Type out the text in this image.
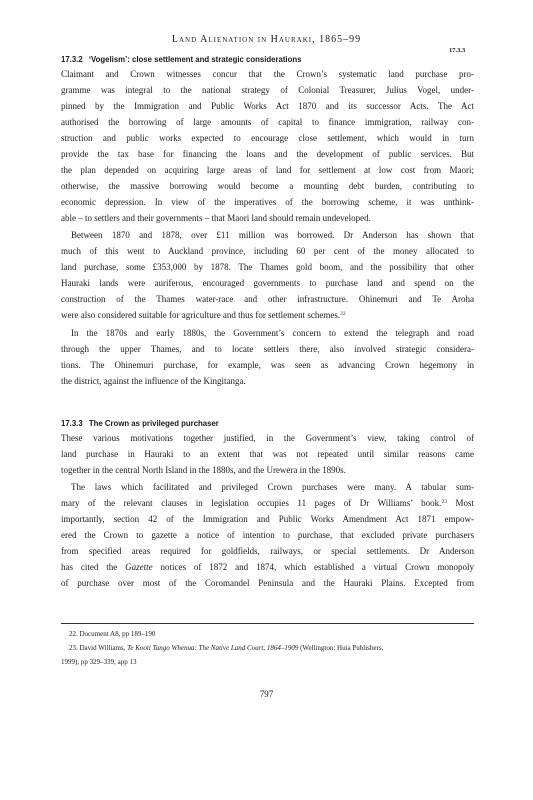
Land Alienation in Hauraki, 1865–99
17.3.3
17.3.2 ‘Vogelism’: close settlement and strategic considerations
Claimant and Crown witnesses concur that the Crown’s systematic land purchase pro-
gramme was integral to the national strategy of Colonial Treasurer, Julius Vogel, under-
pinned by the Immigration and Public Works Act 1870 and its successor Acts. The Act
authorised the borrowing of large amounts of capital to finance immigration, railway con-
struction and public works expected to encourage close settlement, which would in turn
provide the tax base for financing the loans and the development of public services. But
the plan depended on acquiring large areas of land for settlement at low cost from Maori;
otherwise, the massive borrowing would become a mounting debt burden, contributing to
economic depression. In view of the imperatives of the borrowing scheme, it was unthink-
able – to settlers and their governments – that Maori land should remain undeveloped.
Between 1870 and 1878, over £11 million was borrowed. Dr Anderson has shown that
much of this went to Auckland province, including 60 per cent of the money allocated to
land purchase, some £353,000 by 1878. The Thames gold boom, and the possibility that other
Hauraki lands were auriferous, encouraged governments to purchase land and spend on the
construction of the Thames water-race and other infrastructure. Ohinemuri and Te Aroha
were also considered suitable for agriculture and thus for settlement schemes.$^{22}$
In the 1870s and early 1880s, the Government’s concern to extend the telegraph and road
through the upper Thames, and to locate settlers there, also involved strategic considera-
tions. The Ohinemuri purchase, for example, was seen as advancing Crown hegemony in
the district, against the influence of the Kingitanga.
17.3.3 The Crown as privileged purchaser
These various motivations together justified, in the Government’s view, taking control of
land purchase in Hauraki to an extent that was not repeated until similar reasons came
together in the central North Island in the 1880s, and the Urewera in the 1890s.
The laws which facilitated and privileged Crown purchases were many. A tabular sum-
mary of the relevant clauses in legislation occupies 11 pages of Dr Williams’ book.$^{23}$ Most
importantly, section 42 of the Immigration and Public Works Amendment Act 1871 empow-
ered the Crown to gazette a notice of intention to purchase, that excluded private purchasers
from specified areas required for goldfields, railways, or special settlements. Dr Anderson
has cited the Gazette notices of 1872 and 1874, which established a virtual Crown monopoly
of purchase over most of the Coromandel Peninsula and the Hauraki Plains. Excepted from
22. Document A8, pp 189–190
23. David Williams, Te Kooti Tango Whenua: The Native Land Court, 1864–1909 (Wellington: Huia Publishers,
1999), pp 329–339, app 13
797
